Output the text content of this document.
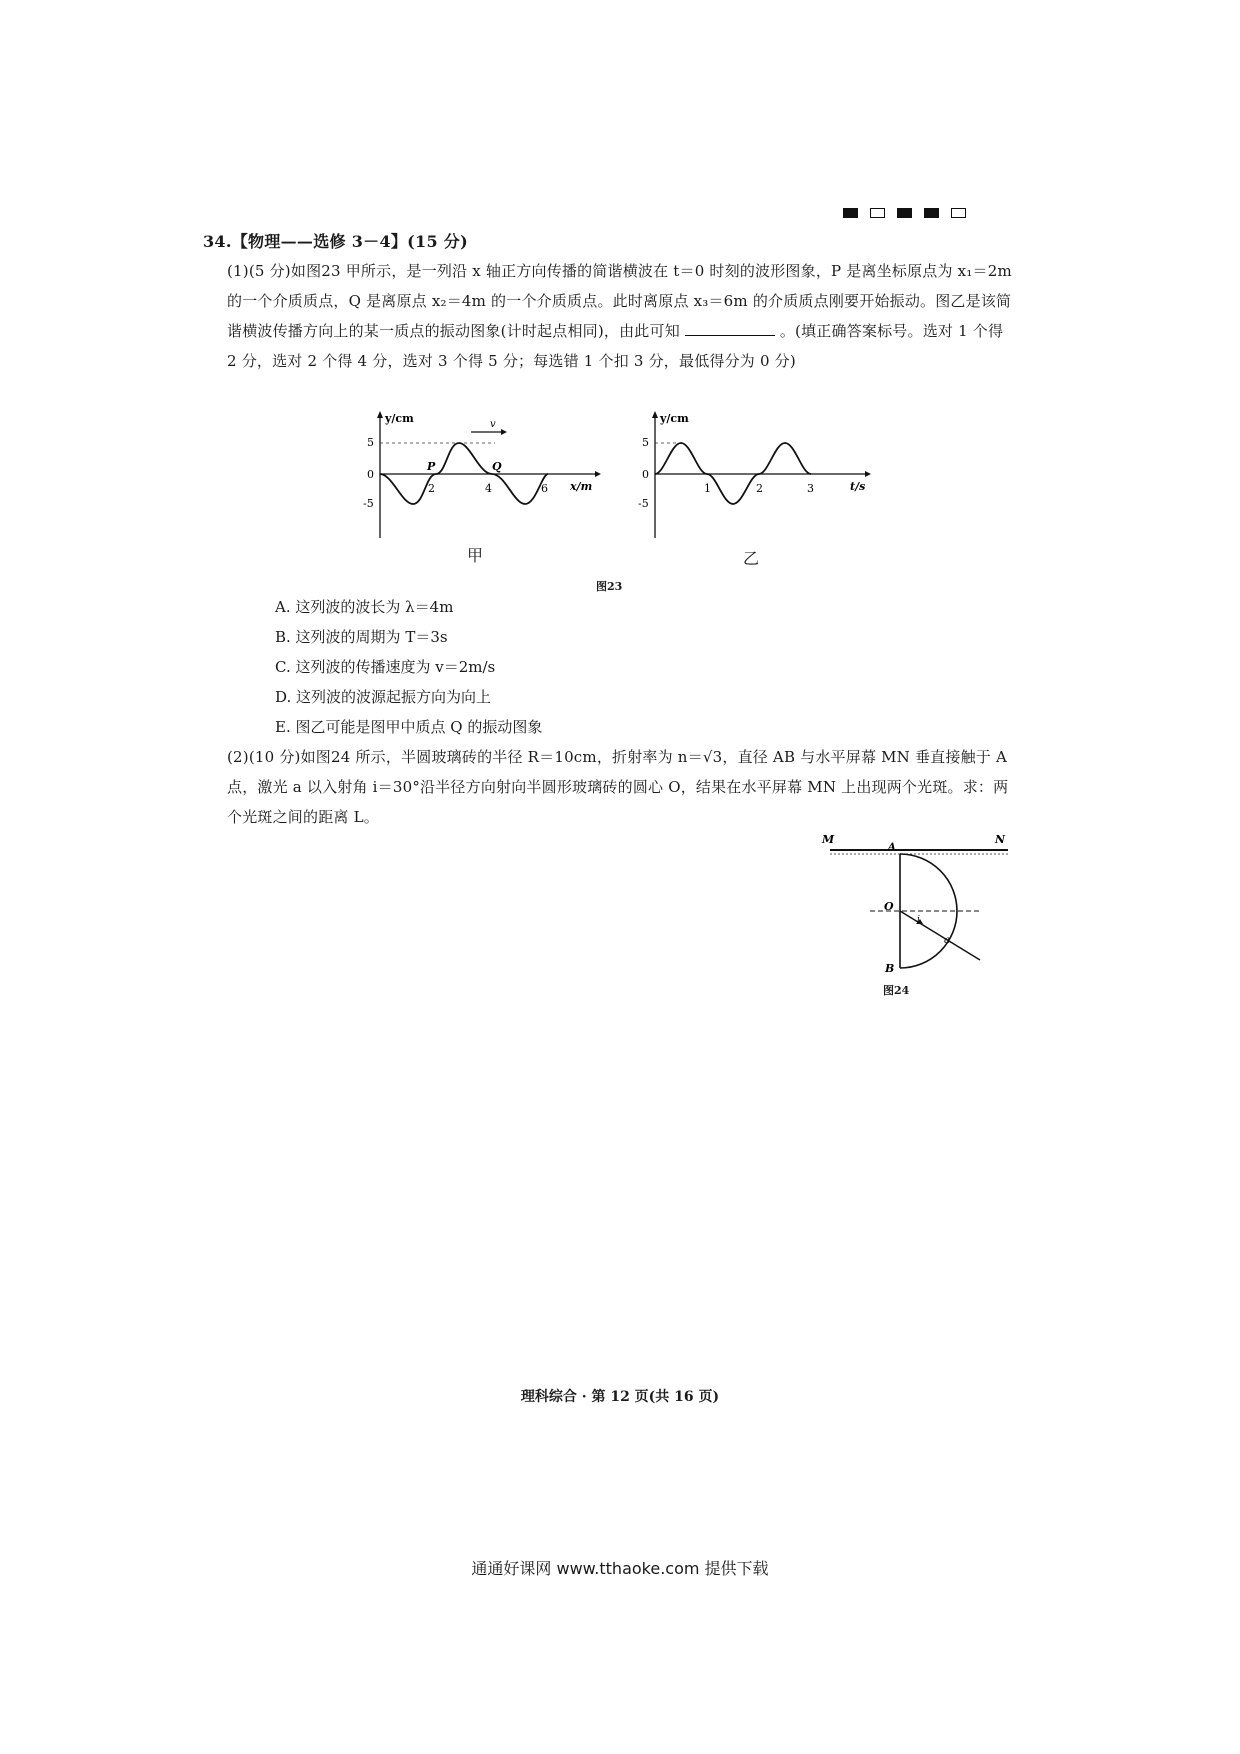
34.【物理——选修 3－4】(15 分)
(1)(5 分)如图23 甲所示，是一列沿 x 轴正方向传播的简谐横波在 t＝0 时刻的波形图象，P 是离坐标原点为 x₁＝2m 的一个介质质点，Q 是离原点 x₂＝4m 的一个介质质点。此时离原点 x₃＝6m 的介质质点刚要开始振动。图乙是该简谐横波传播方向上的某一质点的振动图象(计时起点相同)，由此可知	。(填正确答案标号。选对 1 个得 2 分，选对 2 个得 4 分，选对 3 个得 5 分；每选错 1 个扣 3 分，最低得分为 0 分)
y/cm
x/m
5
0
-5
2	4	6
P	Q
v	y/cm
t/s
5
0
-5
1	2	3
甲	乙
图23
A. 这列波的波长为 λ＝4m
B. 这列波的周期为 T＝3s
C. 这列波的传播速度为 v＝2m/s
D. 这列波的波源起振方向为向上
E. 图乙可能是图甲中质点 Q 的振动图象
(2)(10 分)如图24 所示，半圆玻璃砖的半径 R＝10cm，折射率为 n＝√3，直径 AB 与水平屏幕 MN 垂直接触于 A 点，激光 a 以入射角 i＝30°沿半径方向射向半圆形玻璃砖的圆心 O，结果在水平屏幕 MN 上出现两个光斑。求：两个光斑之间的距离 L。
M	N
A
O
B
a
i
图24
理科综合 · 第 12 页(共 16 页)
通通好课网 www.tthaoke.com 提供下载
